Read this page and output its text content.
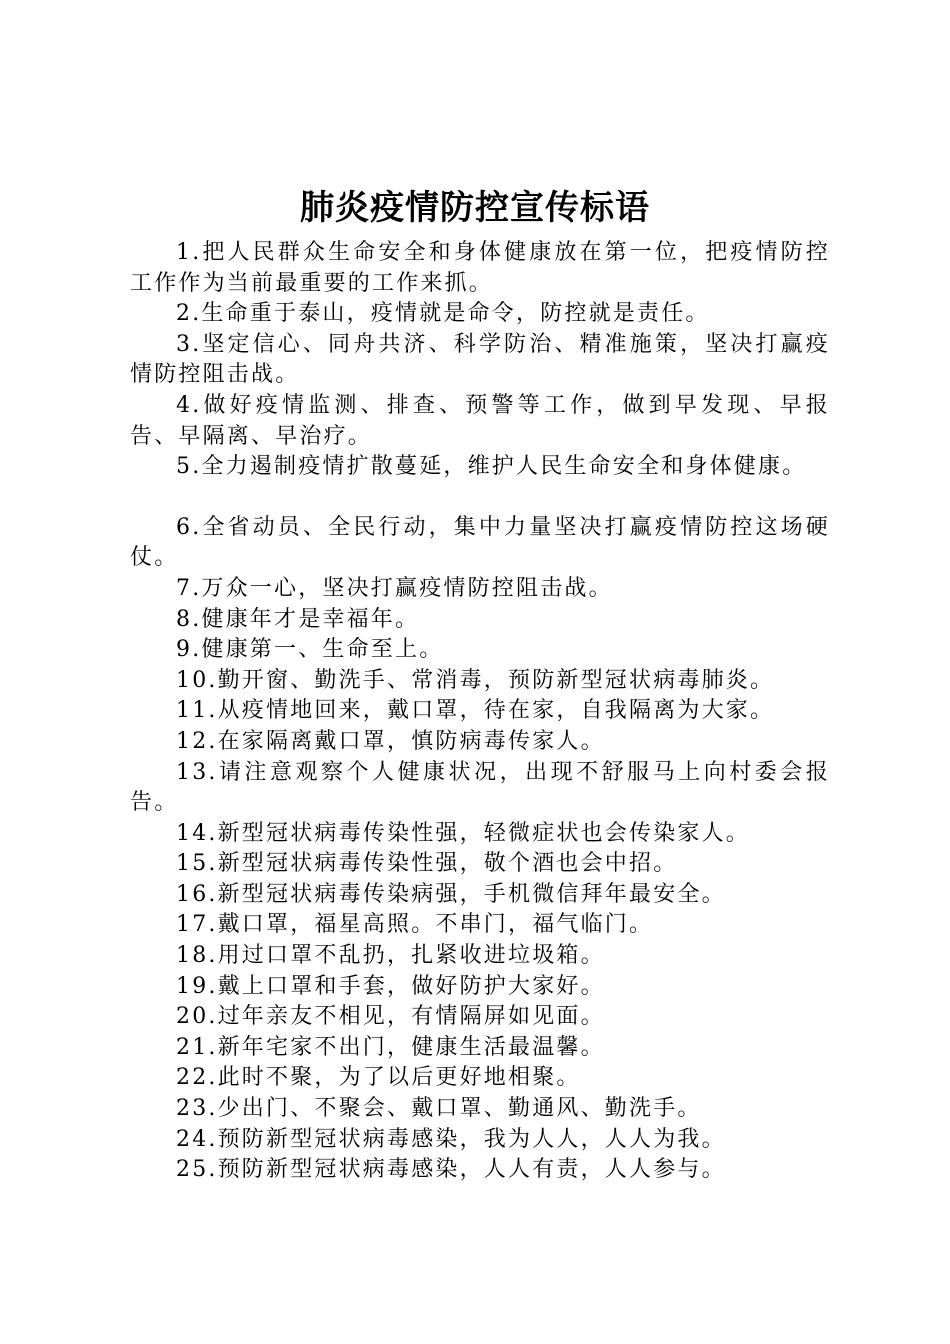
肺炎疫情防控宣传标语

1.把人民群众生命安全和身体健康放在第一位，把疫情防控工作作为当前最重要的工作来抓。

2.生命重于泰山，疫情就是命令，防控就是责任。

3.坚定信心、同舟共济、科学防治、精准施策，坚决打赢疫情防控阻击战。

4.做好疫情监测、排查、预警等工作，做到早发现、早报告、早隔离、早治疗。

5.全力遏制疫情扩散蔓延，维护人民生命安全和身体健康。

6.全省动员、全民行动，集中力量坚决打赢疫情防控这场硬仗。

7.万众一心，坚决打赢疫情防控阻击战。

8.健康年才是幸福年。

9.健康第一、生命至上。

10.勤开窗、勤洗手、常消毒，预防新型冠状病毒肺炎。

11.从疫情地回来，戴口罩，待在家，自我隔离为大家。

12.在家隔离戴口罩，慎防病毒传家人。

13.请注意观察个人健康状况，出现不舒服马上向村委会报告。

14.新型冠状病毒传染性强，轻微症状也会传染家人。

15.新型冠状病毒传染性强，敬个酒也会中招。

16.新型冠状病毒传染病强，手机微信拜年最安全。

17.戴口罩，福星高照。不串门，福气临门。

18.用过口罩不乱扔，扎紧收进垃圾箱。

19.戴上口罩和手套，做好防护大家好。

20.过年亲友不相见，有情隔屏如见面。

21.新年宅家不出门，健康生活最温馨。

22.此时不聚，为了以后更好地相聚。

23.少出门、不聚会、戴口罩、勤通风、勤洗手。

24.预防新型冠状病毒感染，我为人人，人人为我。

25.预防新型冠状病毒感染，人人有责，人人参与。
